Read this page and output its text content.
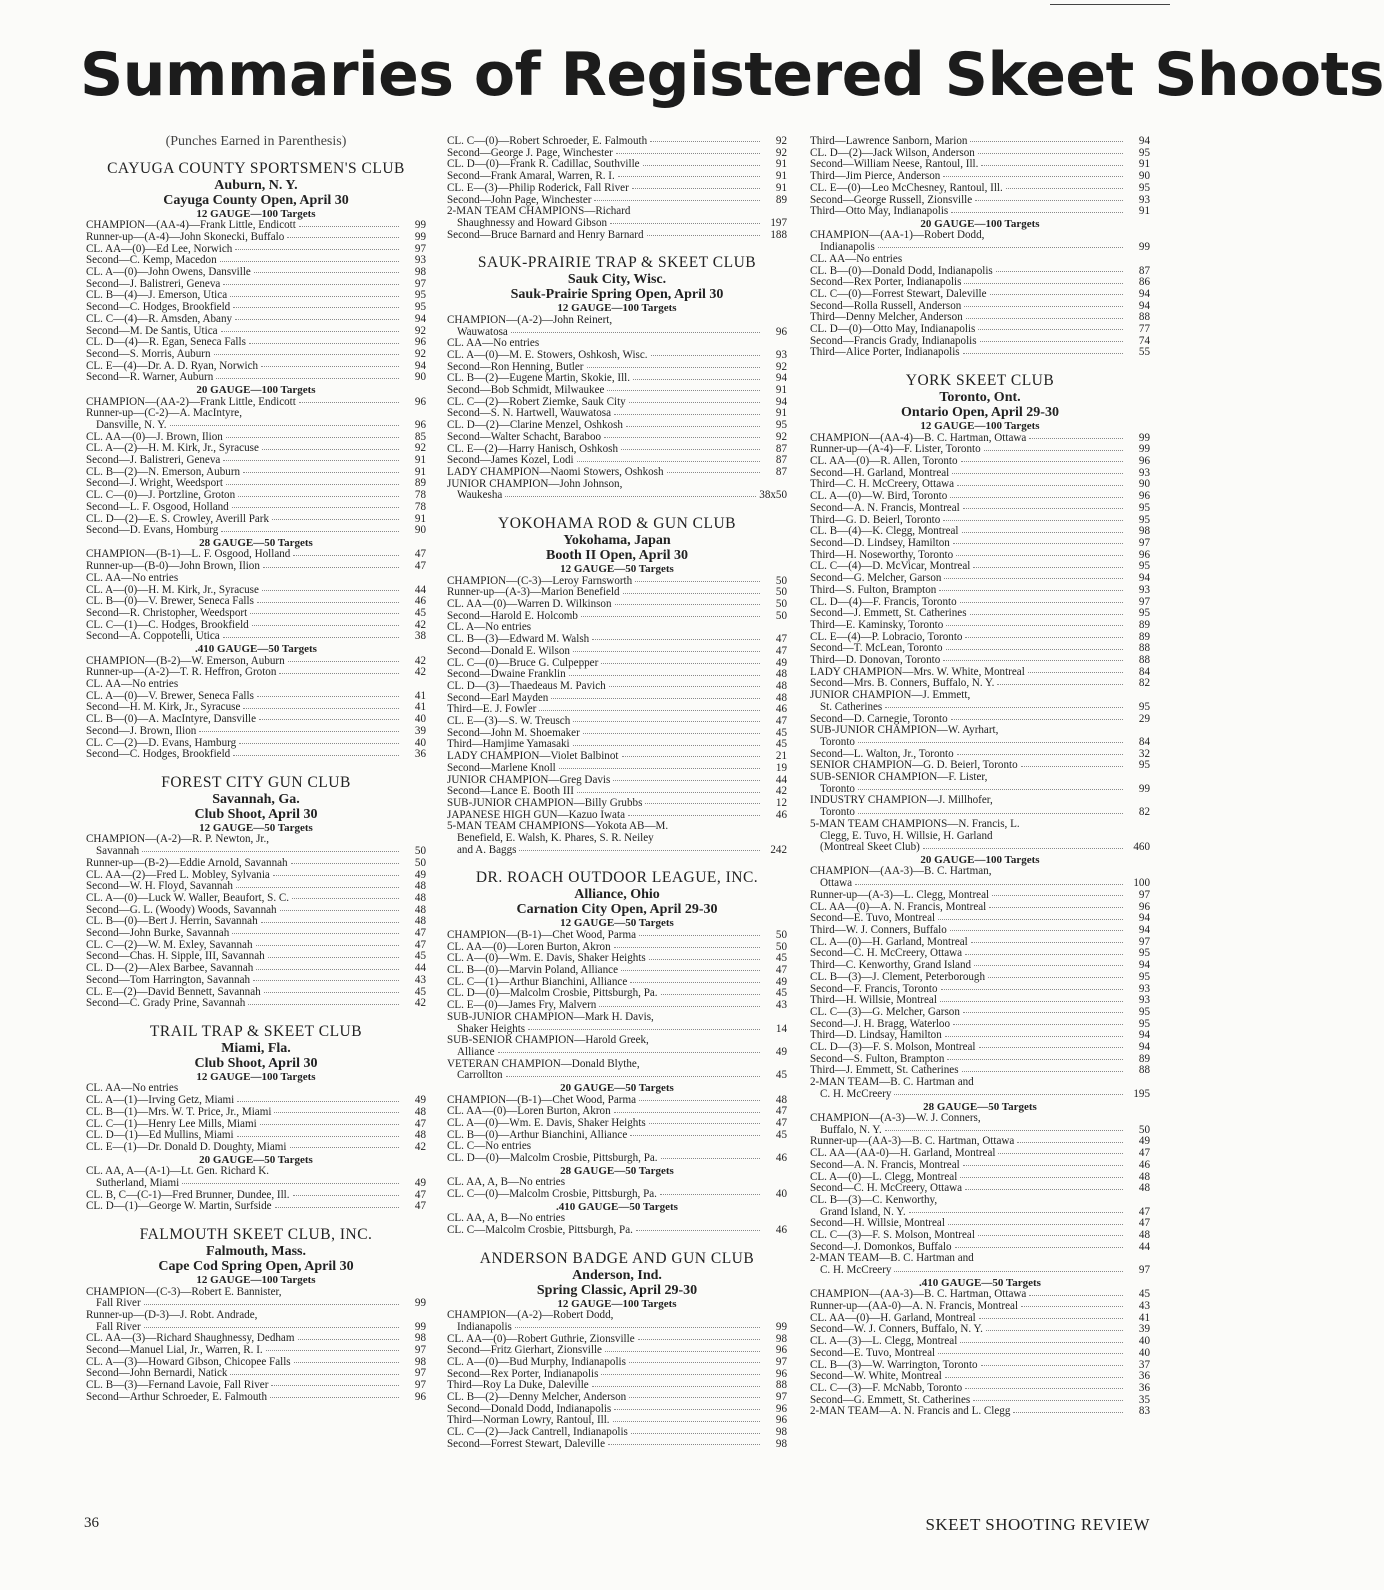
Summaries of Registered Skeet Shoots
(Punches Earned in Parenthesis)
CAYUGA COUNTY SPORTSMEN'S CLUB
Auburn, N. Y.
Cayuga County Open, April 30
12 GAUGE—100 Targets
CHAMPION—(AA-4)—Frank Little, Endicott	99
Runner-up—(A-4)—John Skonecki, Buffalo	99
CL. AA—(0)—Ed Lee, Norwich	97
Second—C. Kemp, Macedon	93
CL. A—(0)—John Owens, Dansville	98
Second—J. Balistreri, Geneva	97
CL. B—(4)—J. Emerson, Utica	95
Second—C. Hodges, Brookfield	95
CL. C—(4)—R. Amsden, Abany	94
Second—M. De Santis, Utica	92
CL. D—(4)—R. Egan, Seneca Falls	96
Second—S. Morris, Auburn	92
CL. E—(4)—Dr. A. D. Ryan, Norwich	94
Second—R. Warner, Auburn	90
20 GAUGE—100 Targets
CHAMPION—(AA-2)—Frank Little, Endicott	96
Runner-up—(C-2)—A. MacIntyre,
Dansville, N. Y.	96
CL. AA—(0)—J. Brown, Ilion	85
CL. A—(2)—H. M. Kirk, Jr., Syracuse	92
Second—J. Balistreri, Geneva	91
CL. B—(2)—N. Emerson, Auburn	91
Second—J. Wright, Weedsport	89
CL. C—(0)—J. Portzline, Groton	78
Second—L. F. Osgood, Holland	78
CL. D—(2)—E. S. Crowley, Averill Park	91
Second—D. Evans, Homburg	90
28 GAUGE—50 Targets
CHAMPION—(B-1)—L. F. Osgood, Holland	47
Runner-up—(B-0)—John Brown, Ilion	47
CL. AA—No entries
CL. A—(0)—H. M. Kirk, Jr., Syracuse	44
CL. B—(0)—V. Brewer, Seneca Falls	46
Second—R. Christopher, Weedsport	45
CL. C—(1)—C. Hodges, Brookfield	42
Second—A. Coppotelli, Utica	38
.410 GAUGE—50 Targets
CHAMPION—(B-2)—W. Emerson, Auburn	42
Runner-up—(A-2)—T. R. Heffron, Groton	42
CL. AA—No entries
CL. A—(0)—V. Brewer, Seneca Falls	41
Second—H. M. Kirk, Jr., Syracuse	41
CL. B—(0)—A. MacIntyre, Dansville	40
Second—J. Brown, Ilion	39
CL. C—(2)—D. Evans, Hamburg	40
Second—C. Hodges, Brookfield	36
FOREST CITY GUN CLUB
Savannah, Ga.
Club Shoot, April 30
12 GAUGE—50 Targets
CHAMPION—(A-2)—R. P. Newton, Jr.,
Savannah	50
Runner-up—(B-2)—Eddie Arnold, Savannah	50
CL. AA—(2)—Fred L. Mobley, Sylvania	49
Second—W. H. Floyd, Savannah	48
CL. A—(0)—Luck W. Waller, Beaufort, S. C.	48
Second—G. L. (Woody) Woods, Savannah	48
CL. B—(0)—Bert J. Herrin, Savannah	48
Second—John Burke, Savannah	47
CL. C—(2)—W. M. Exley, Savannah	47
Second—Chas. H. Sipple, III, Savannah	45
CL. D—(2)—Alex Barbee, Savannah	44
Second—Tom Harrington, Savannah	43
CL. E—(2)—David Bennett, Savannah	45
Second—C. Grady Prine, Savannah	42
TRAIL TRAP & SKEET CLUB
Miami, Fla.
Club Shoot, April 30
12 GAUGE—100 Targets
CL. AA—No entries
CL. A—(1)—Irving Getz, Miami	49
CL. B—(1)—Mrs. W. T. Price, Jr., Miami	48
CL. C—(1)—Henry Lee Mills, Miami	47
CL. D—(1)—Ed Mullins, Miami	48
CL. E—(1)—Dr. Donald D. Doughty, Miami	42
20 GAUGE—50 Targets
CL. AA, A—(A-1)—Lt. Gen. Richard K.
Sutherland, Miami	49
CL. B, C—(C-1)—Fred Brunner, Dundee, Ill.	47
CL. D—(1)—George W. Martin, Surfside	47
FALMOUTH SKEET CLUB, INC.
Falmouth, Mass.
Cape Cod Spring Open, April 30
12 GAUGE—100 Targets
CHAMPION—(C-3)—Robert E. Bannister,
Fall River	99
Runner-up—(D-3)—J. Robt. Andrade,
Fall River	99
CL. AA—(3)—Richard Shaughnessy, Dedham	98
Second—Manuel Lial, Jr., Warren, R. I.	97
CL. A—(3)—Howard Gibson, Chicopee Falls	98
Second—John Bernardi, Natick	97
CL. B—(3)—Fernand Lavoie, Fall River	97
Second—Arthur Schroeder, E. Falmouth	96
CL. C—(0)—Robert Schroeder, E. Falmouth	92
Second—George J. Page, Winchester	92
CL. D—(0)—Frank R. Cadillac, Southville	91
Second—Frank Amaral, Warren, R. I.	91
CL. E—(3)—Philip Roderick, Fall River	91
Second—John Page, Winchester	89
2-MAN TEAM CHAMPIONS—Richard
Shaughnessy and Howard Gibson	197
Second—Bruce Barnard and Henry Barnard	188
SAUK-PRAIRIE TRAP & SKEET CLUB
Sauk City, Wisc.
Sauk-Prairie Spring Open, April 30
12 GAUGE—100 Targets
CHAMPION—(A-2)—John Reinert,
Wauwatosa	96
CL. AA—No entries
CL. A—(0)—M. E. Stowers, Oshkosh, Wisc.	93
Second—Ron Henning, Butler	92
CL. B—(2)—Eugene Martin, Skokie, Ill.	94
Second—Bob Schmidt, Milwaukee	91
CL. C—(2)—Robert Ziemke, Sauk City	94
Second—S. N. Hartwell, Wauwatosa	91
CL. D—(2)—Clarine Menzel, Oshkosh	95
Second—Walter Schacht, Baraboo	92
CL. E—(2)—Harry Hanisch, Oshkosh	87
Second—James Kozel, Lodi	87
LADY CHAMPION—Naomi Stowers, Oshkosh	87
JUNIOR CHAMPION—John Johnson,
Waukesha	38x50
YOKOHAMA ROD & GUN CLUB
Yokohama, Japan
Booth II Open, April 30
12 GAUGE—50 Targets
CHAMPION—(C-3)—Leroy Farnsworth	50
Runner-up—(A-3)—Marion Benefield	50
CL. AA—(0)—Warren D. Wilkinson	50
Second—Harold E. Holcomb	50
CL. A—No entries
CL. B—(3)—Edward M. Walsh	47
Second—Donald E. Wilson	47
CL. C—(0)—Bruce G. Culpepper	49
Second—Dwaine Franklin	48
CL. D—(3)—Thaedeaus M. Pavich	48
Second—Earl Mayden	48
Third—E. J. Fowler	46
CL. E—(3)—S. W. Treusch	47
Second—John M. Shoemaker	45
Third—Hamjime Yamasaki	45
LADY CHAMPION—Violet Balbinot	21
Second—Marlene Knoll	19
JUNIOR CHAMPION—Greg Davis	44
Second—Lance E. Booth III	42
SUB-JUNIOR CHAMPION—Billy Grubbs	12
JAPANESE HIGH GUN—Kazuo Iwata	46
5-MAN TEAM CHAMPIONS—Yokota AB—M.
Benefield, E. Walsh, K. Phares, S. R. Neiley
and A. Baggs	242
DR. ROACH OUTDOOR LEAGUE, INC.
Alliance, Ohio
Carnation City Open, April 29-30
12 GAUGE—50 Targets
CHAMPION—(B-1)—Chet Wood, Parma	50
CL. AA—(0)—Loren Burton, Akron	50
CL. A—(0)—Wm. E. Davis, Shaker Heights	45
CL. B—(0)—Marvin Poland, Alliance	47
CL. C—(1)—Arthur Bianchini, Alliance	49
CL. D—(0)—Malcolm Crosbie, Pittsburgh, Pa.	45
CL. E—(0)—James Fry, Malvern	43
SUB-JUNIOR CHAMPION—Mark H. Davis,
Shaker Heights	14
SUB-SENIOR CHAMPION—Harold Greek,
Alliance	49
VETERAN CHAMPION—Donald Blythe,
Carrollton	45
20 GAUGE—50 Targets
CHAMPION—(B-1)—Chet Wood, Parma	48
CL. AA—(0)—Loren Burton, Akron	47
CL. A—(0)—Wm. E. Davis, Shaker Heights	47
CL. B—(0)—Arthur Bianchini, Alliance	45
CL. C—No entries
CL. D—(0)—Malcolm Crosbie, Pittsburgh, Pa.	46
28 GAUGE—50 Targets
CL. AA, A, B—No entries
CL. C—(0)—Malcolm Crosbie, Pittsburgh, Pa.	40
.410 GAUGE—50 Targets
CL. AA, A, B—No entries
CL. C—Malcolm Crosbie, Pittsburgh, Pa.	46
ANDERSON BADGE AND GUN CLUB
Anderson, Ind.
Spring Classic, April 29-30
12 GAUGE—100 Targets
CHAMPION—(A-2)—Robert Dodd,
Indianapolis	99
CL. AA—(0)—Robert Guthrie, Zionsville	98
Second—Fritz Gierhart, Zionsville	96
CL. A—(0)—Bud Murphy, Indianapolis	97
Second—Rex Porter, Indianapolis	96
Third—Roy La Duke, Daleville	88
CL. B—(2)—Denny Melcher, Anderson	97
Second—Donald Dodd, Indianapolis	96
Third—Norman Lowry, Rantoul, Ill.	96
CL. C—(2)—Jack Cantrell, Indianapolis	98
Second—Forrest Stewart, Daleville	98
Third—Lawrence Sanborn, Marion	94
CL. D—(2)—Jack Wilson, Anderson	95
Second—William Neese, Rantoul, Ill.	91
Third—Jim Pierce, Anderson	90
CL. E—(0)—Leo McChesney, Rantoul, Ill.	95
Second—George Russell, Zionsville	93
Third—Otto May, Indianapolis	91
20 GAUGE—100 Targets
CHAMPION—(AA-1)—Robert Dodd,
Indianapolis	99
CL. AA—No entries
CL. B—(0)—Donald Dodd, Indianapolis	87
Second—Rex Porter, Indianapolis	86
CL. C—(0)—Forrest Stewart, Daleville	94
Second—Rolla Russell, Anderson	94
Third—Denny Melcher, Anderson	88
CL. D—(0)—Otto May, Indianapolis	77
Second—Francis Grady, Indianapolis	74
Third—Alice Porter, Indianapolis	55
YORK SKEET CLUB
Toronto, Ont.
Ontario Open, April 29-30
12 GAUGE—100 Targets
CHAMPION—(AA-4)—B. C. Hartman, Ottawa	99
Runner-up—(A-4)—F. Lister, Toronto	99
CL. AA—(0)—R. Allen, Toronto	96
Second—H. Garland, Montreal	93
Third—C. H. McCreery, Ottawa	90
CL. A—(0)—W. Bird, Toronto	96
Second—A. N. Francis, Montreal	95
Third—G. D. Beierl, Toronto	95
CL. B—(4)—K. Clegg, Montreal	98
Second—D. Lindsey, Hamilton	97
Third—H. Noseworthy, Toronto	96
CL. C—(4)—D. McVicar, Montreal	95
Second—G. Melcher, Garson	94
Third—S. Fulton, Brampton	93
CL. D—(4)—F. Francis, Toronto	97
Second—J. Emmett, St. Catherines	95
Third—E. Kaminsky, Toronto	89
CL. E—(4)—P. Lobracio, Toronto	89
Second—T. McLean, Toronto	88
Third—D. Donovan, Toronto	88
LADY CHAMPION—Mrs. W. White, Montreal	84
Second—Mrs. B. Conners, Buffalo, N. Y.	82
JUNIOR CHAMPION—J. Emmett,
St. Catherines	95
Second—D. Carnegie, Toronto	29
SUB-JUNIOR CHAMPION—W. Ayrhart,
Toronto	84
Second—L. Walton, Jr., Toronto	32
SENIOR CHAMPION—G. D. Beierl, Toronto	95
SUB-SENIOR CHAMPION—F. Lister,
Toronto	99
INDUSTRY CHAMPION—J. Millhofer,
Toronto	82
5-MAN TEAM CHAMPIONS—N. Francis, L.
Clegg, E. Tuvo, H. Willsie, H. Garland
(Montreal Skeet Club)	460
20 GAUGE—100 Targets
CHAMPION—(AA-3)—B. C. Hartman,
Ottawa	100
Runner-up—(A-3)—L. Clegg, Montreal	97
CL. AA—(0)—A. N. Francis, Montreal	96
Second—E. Tuvo, Montreal	94
Third—W. J. Conners, Buffalo	94
CL. A—(0)—H. Garland, Montreal	97
Second—C. H. McCreery, Ottawa	95
Third—C. Kenworthy, Grand Island	94
CL. B—(3)—J. Clement, Peterborough	95
Second—F. Francis, Toronto	93
Third—H. Willsie, Montreal	93
CL. C—(3)—G. Melcher, Garson	95
Second—J. H. Bragg, Waterloo	95
Third—D. Lindsay, Hamilton	94
CL. D—(3)—F. S. Molson, Montreal	94
Second—S. Fulton, Brampton	89
Third—J. Emmett, St. Catherines	88
2-MAN TEAM—B. C. Hartman and
C. H. McCreery	195
28 GAUGE—50 Targets
CHAMPION—(A-3)—W. J. Conners,
Buffalo, N. Y.	50
Runner-up—(AA-3)—B. C. Hartman, Ottawa	49
CL. AA—(AA-0)—H. Garland, Montreal	47
Second—A. N. Francis, Montreal	46
CL. A—(0)—L. Clegg, Montreal	48
Second—C. H. McCreery, Ottawa	48
CL. B—(3)—C. Kenworthy,
Grand Island, N. Y.	47
Second—H. Willsie, Montreal	47
CL. C—(3)—F. S. Molson, Montreal	48
Second—J. Domonkos, Buffalo	44
2-MAN TEAM—B. C. Hartman and
C. H. McCreery	97
.410 GAUGE—50 Targets
CHAMPION—(AA-3)—B. C. Hartman, Ottawa	45
Runner-up—(AA-0)—A. N. Francis, Montreal	43
CL. AA—(0)—H. Garland, Montreal	41
Second—W. J. Conners, Buffalo, N. Y.	39
CL. A—(3)—L. Clegg, Montreal	40
Second—E. Tuvo, Montreal	40
CL. B—(3)—W. Warrington, Toronto	37
Second—W. White, Montreal	36
CL. C—(3)—F. McNabb, Toronto	36
Second—G. Emmett, St. Catherines	35
2-MAN TEAM—A. N. Francis and L. Clegg	83
36	SKEET SHOOTING REVIEW
